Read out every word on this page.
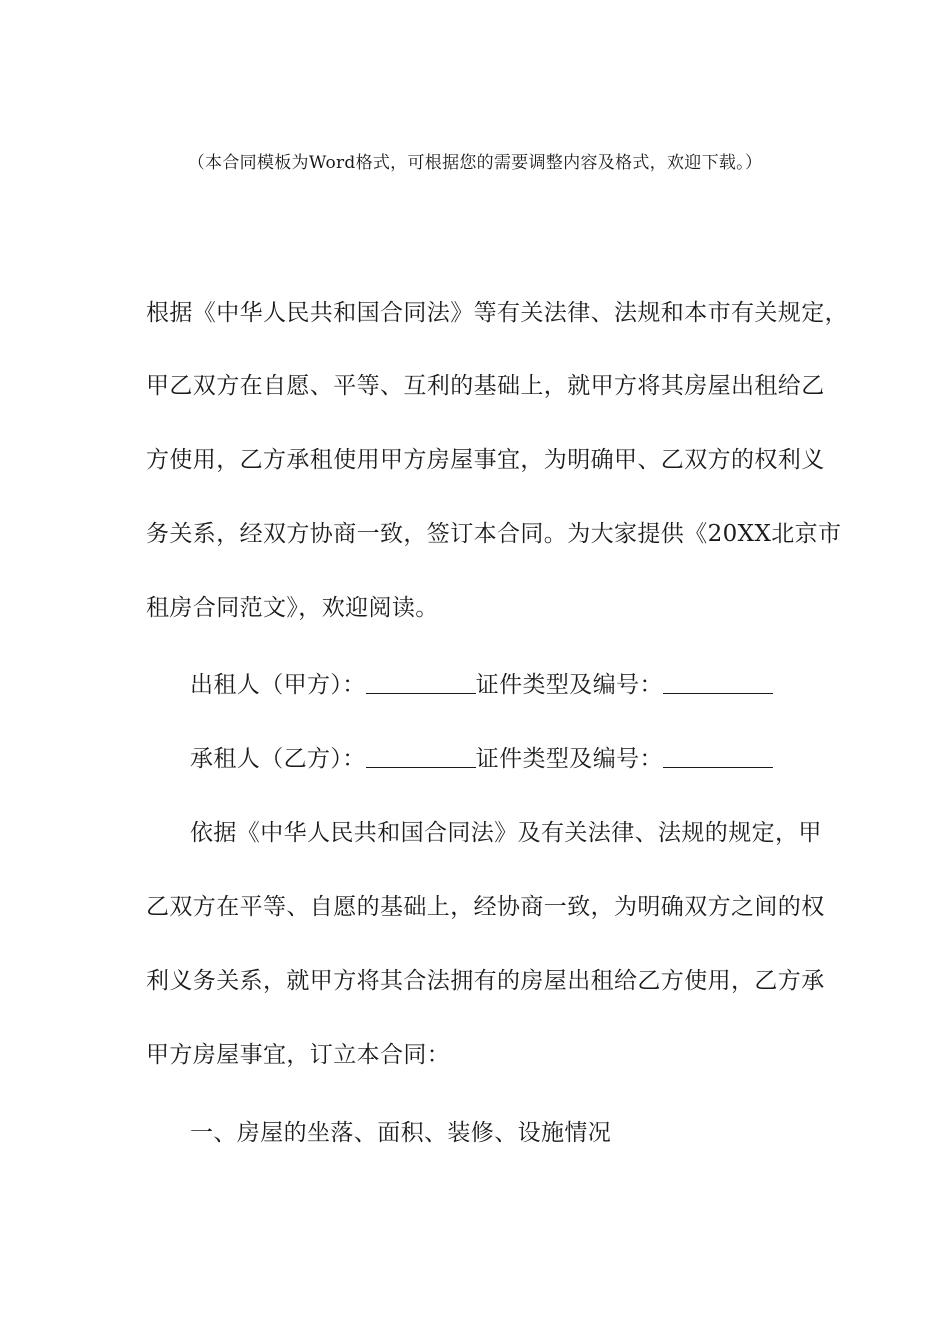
（本合同模板为Word格式，可根据您的需要调整内容及格式，欢迎下载。）
根据《中华人民共和国合同法》等有关法律、法规和本市有关规定，
甲乙双方在自愿、平等、互利的基础上，就甲方将其房屋出租给乙
方使用，乙方承租使用甲方房屋事宜，为明确甲、乙双方的权利义
务关系，经双方协商一致，签订本合同。为大家提供《20XX北京市
租房合同范文》，欢迎阅读。
出租人（甲方）：	证件类型及编号：
承租人（乙方）：	证件类型及编号：
依据《中华人民共和国合同法》及有关法律、法规的规定，甲
乙双方在平等、自愿的基础上，经协商一致，为明确双方之间的权
利义务关系，就甲方将其合法拥有的房屋出租给乙方使用，乙方承
甲方房屋事宜，订立本合同：
一、房屋的坐落、面积、装修、设施情况
